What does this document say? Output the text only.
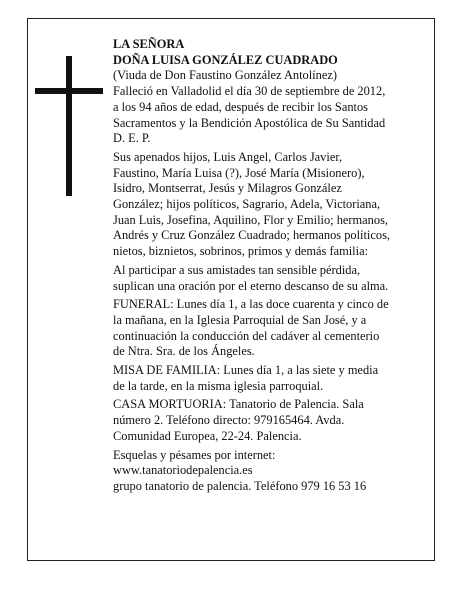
LA SEÑORA
DOÑA LUISA GONZÁLEZ CUADRADO
(Viuda de Don Faustino González Antolínez)
Falleció en Valladolid el día 30 de septiembre de 2012,
a los 94 años de edad, después de recibir los Santos
Sacramentos y la Bendición Apostólica de Su Santidad
D. E. P.
Sus apenados hijos, Luis Angel, Carlos Javier,
Faustino, María Luisa (?), José María (Misionero),
Isidro, Montserrat, Jesús y Milagros González
González; hijos políticos, Sagrario, Adela, Victoriana,
Juan Luis, Josefina, Aquilino, Flor y Emilio; hermanos,
Andrés y Cruz González Cuadrado; hermanos políticos,
nietos, biznietos, sobrinos, primos y demás familia:
Al participar a sus amistades tan sensible pérdida,
suplican una oración por el eterno descanso de su alma.
FUNERAL: Lunes día 1, a las doce cuarenta y cinco de
la mañana, en la Iglesia Parroquial de San José, y a
continuación la conducción del cadáver al cementerio
de Ntra. Sra. de los Ángeles.
MISA DE FAMILIA: Lunes día 1, a las siete y media
de la tarde, en la misma iglesia parroquial.
CASA MORTUORIA: Tanatorio de Palencia. Sala
número 2. Teléfono directo: 979165464. Avda.
Comunidad Europea, 22-24. Palencia.
Esquelas y pésames por internet:
www.tanatoriodepalencia.es
grupo tanatorio de palencia. Teléfono 979 16 53 16
